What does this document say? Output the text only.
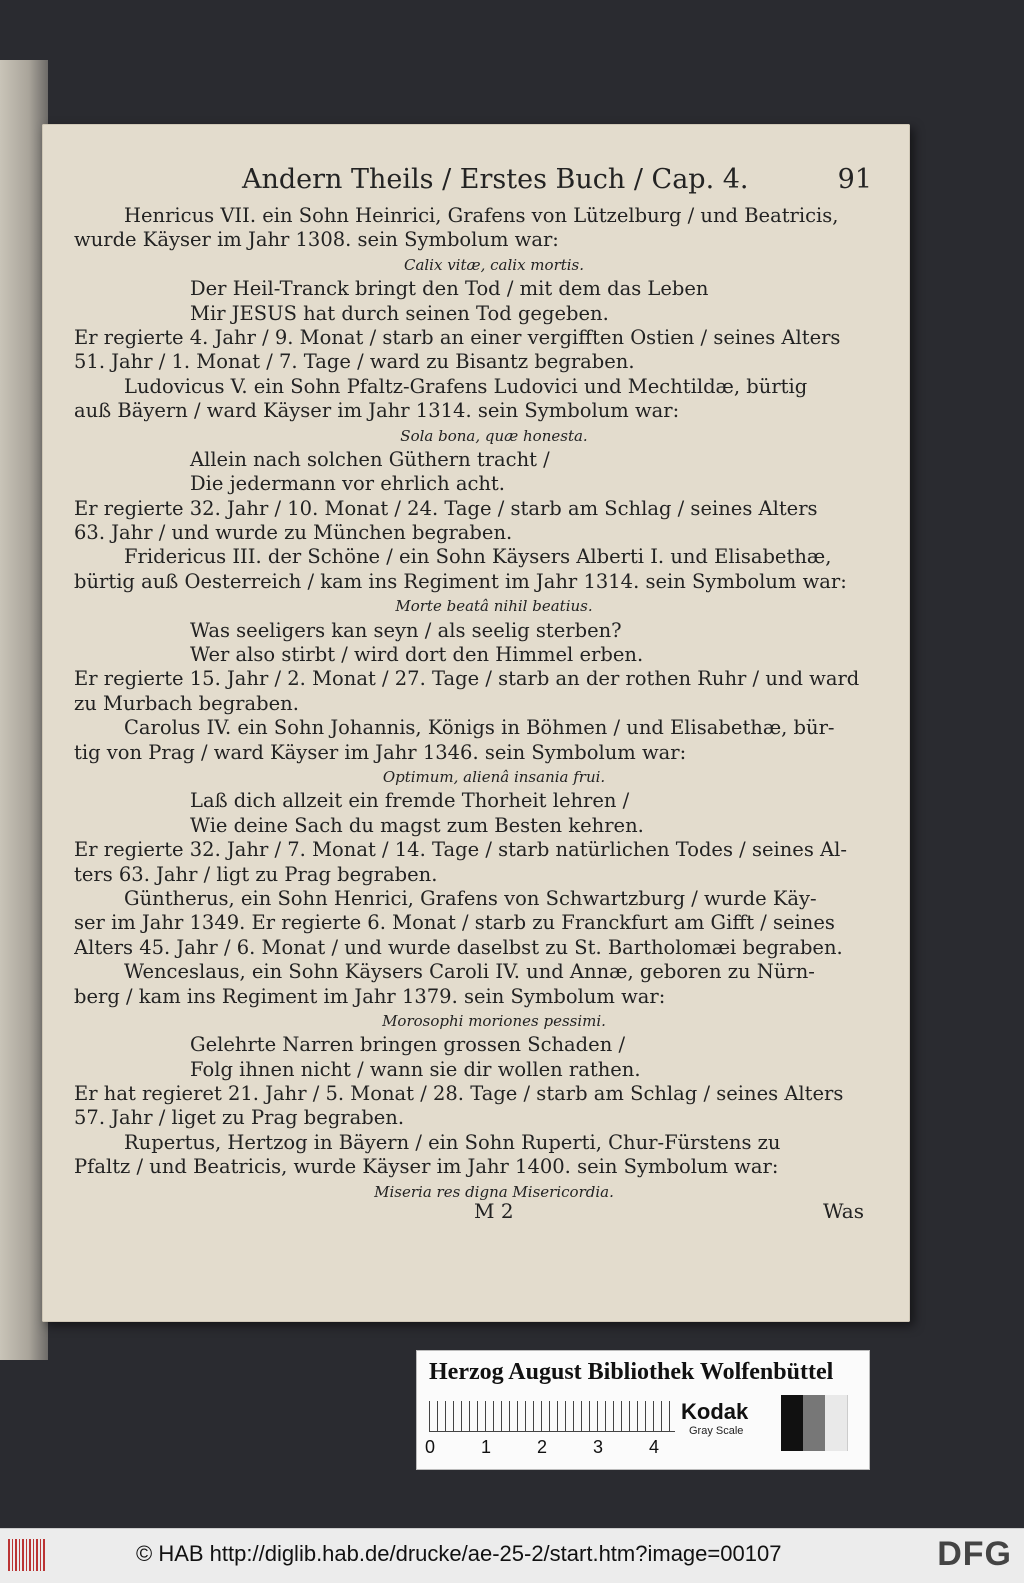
Andern Theils / Erstes Buch / Cap. 4.	91
Henricus VII. ein Sohn Heinrici, Grafens von Lützelburg / und Beatricis,
wurde Käyser im Jahr 1308. sein Symbolum war:
Calix vitæ, calix mortis.
Der Heil-Tranck bringt den Tod / mit dem das Leben
Mir JESUS hat durch seinen Tod gegeben.
Er regierte 4. Jahr / 9. Monat / starb an einer vergifften Ostien / seines Alters
51. Jahr / 1. Monat / 7. Tage / ward zu Bisantz begraben.
Ludovicus V. ein Sohn Pfaltz-Grafens Ludovici und Mechtildæ, bürtig
auß Bäyern / ward Käyser im Jahr 1314. sein Symbolum war:
Sola bona, quæ honesta.
Allein nach solchen Güthern tracht /
Die jedermann vor ehrlich acht.
Er regierte 32. Jahr / 10. Monat / 24. Tage / starb am Schlag / seines Alters
63. Jahr / und wurde zu München begraben.
Fridericus III. der Schöne / ein Sohn Käysers Alberti I. und Elisabethæ,
bürtig auß Oesterreich / kam ins Regiment im Jahr 1314. sein Symbolum war:
Morte beatâ nihil beatius.
Was seeligers kan seyn / als seelig sterben?
Wer also stirbt / wird dort den Himmel erben.
Er regierte 15. Jahr / 2. Monat / 27. Tage / starb an der rothen Ruhr / und ward
zu Murbach begraben.
Carolus IV. ein Sohn Johannis, Königs in Böhmen / und Elisabethæ, bür-
tig von Prag / ward Käyser im Jahr 1346. sein Symbolum war:
Optimum, alienâ insania frui.
Laß dich allzeit ein fremde Thorheit lehren /
Wie deine Sach du magst zum Besten kehren.
Er regierte 32. Jahr / 7. Monat / 14. Tage / starb natürlichen Todes / seines Al-
ters 63. Jahr / ligt zu Prag begraben.
Güntherus, ein Sohn Henrici, Grafens von Schwartzburg / wurde Käy-
ser im Jahr 1349. Er regierte 6. Monat / starb zu Franckfurt am Gifft / seines
Alters 45. Jahr / 6. Monat / und wurde daselbst zu St. Bartholomæi begraben.
Wenceslaus, ein Sohn Käysers Caroli IV. und Annæ, geboren zu Nürn-
berg / kam ins Regiment im Jahr 1379. sein Symbolum war:
Morosophi moriones pessimi.
Gelehrte Narren bringen grossen Schaden /
Folg ihnen nicht / wann sie dir wollen rathen.
Er hat regieret 21. Jahr / 5. Monat / 28. Tage / starb am Schlag / seines Alters
57. Jahr / liget zu Prag begraben.
Rupertus, Hertzog in Bäyern / ein Sohn Ruperti, Chur-Fürstens zu
Pfaltz / und Beatricis, wurde Käyser im Jahr 1400. sein Symbolum war:
Miseria res digna Misericordia.
M 2	Was
Herzog August Bibliothek Wolfenbüttel
0	1	2	3	4
Kodak
Gray Scale
© HAB http://diglib.hab.de/drucke/ae-25-2/start.htm?image=00107	DFG
